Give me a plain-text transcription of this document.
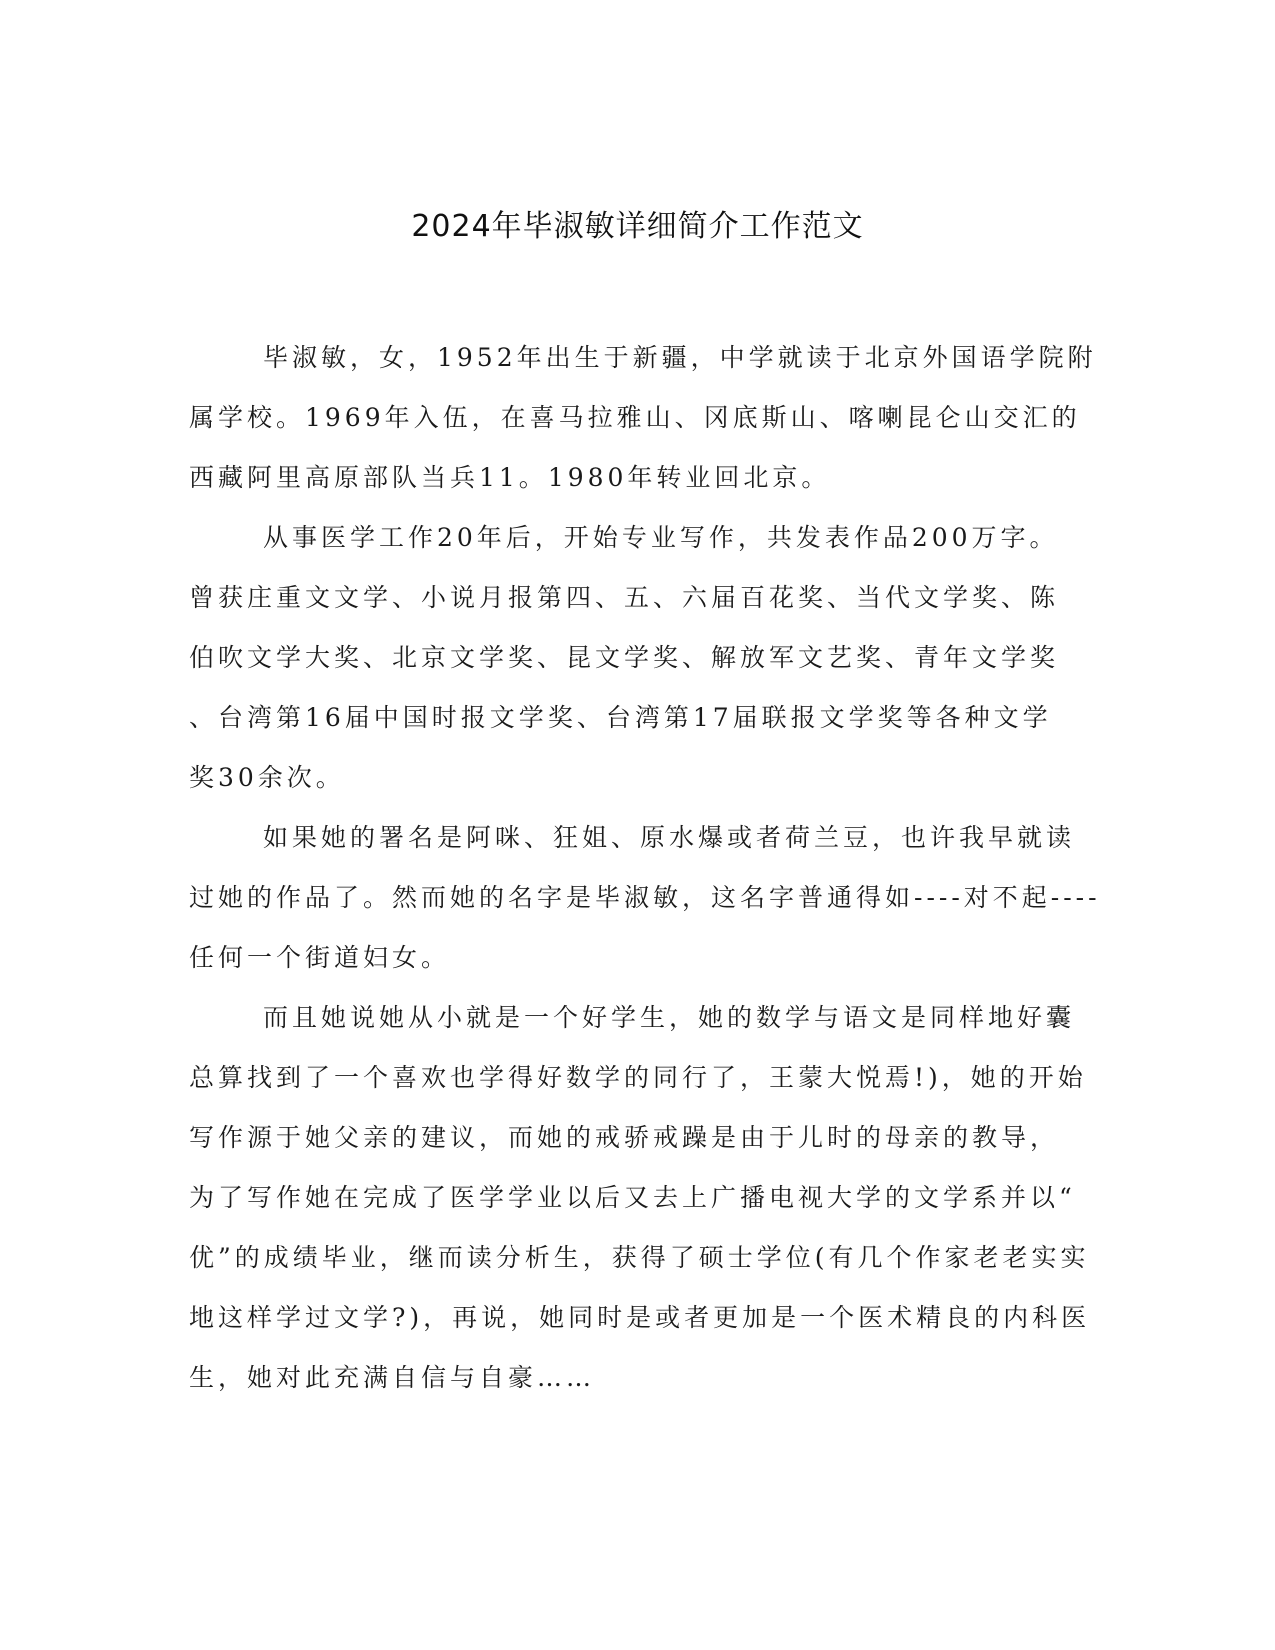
2024年毕淑敏详细简介工作范文

毕淑敏，女，1952年出生于新疆，中学就读于北京外国语学院附
属学校。1969年入伍，在喜马拉雅山、冈底斯山、喀喇昆仑山交汇的
西藏阿里高原部队当兵11。1980年转业回北京。

从事医学工作20年后，开始专业写作，共发表作品200万字。
曾获庄重文文学、小说月报第四、五、六届百花奖、当代文学奖、陈
伯吹文学大奖、北京文学奖、昆文学奖、解放军文艺奖、青年文学奖
、台湾第16届中国时报文学奖、台湾第17届联报文学奖等各种文学
奖30余次。

如果她的署名是阿咪、狂姐、原水爆或者荷兰豆，也许我早就读
过她的作品了。然而她的名字是毕淑敏，这名字普通得如----对不起----
任何一个街道妇女。

而且她说她从小就是一个好学生，她的数学与语文是同样地好囊
总算找到了一个喜欢也学得好数学的同行了，王蒙大悦焉!)，她的开始
写作源于她父亲的建议，而她的戒骄戒躁是由于儿时的母亲的教导，
为了写作她在完成了医学学业以后又去上广播电视大学的文学系并以“
优”的成绩毕业，继而读分析生，获得了硕士学位(有几个作家老老实实
地这样学过文学?)，再说，她同时是或者更加是一个医术精良的内科医
生，她对此充满自信与自豪……
